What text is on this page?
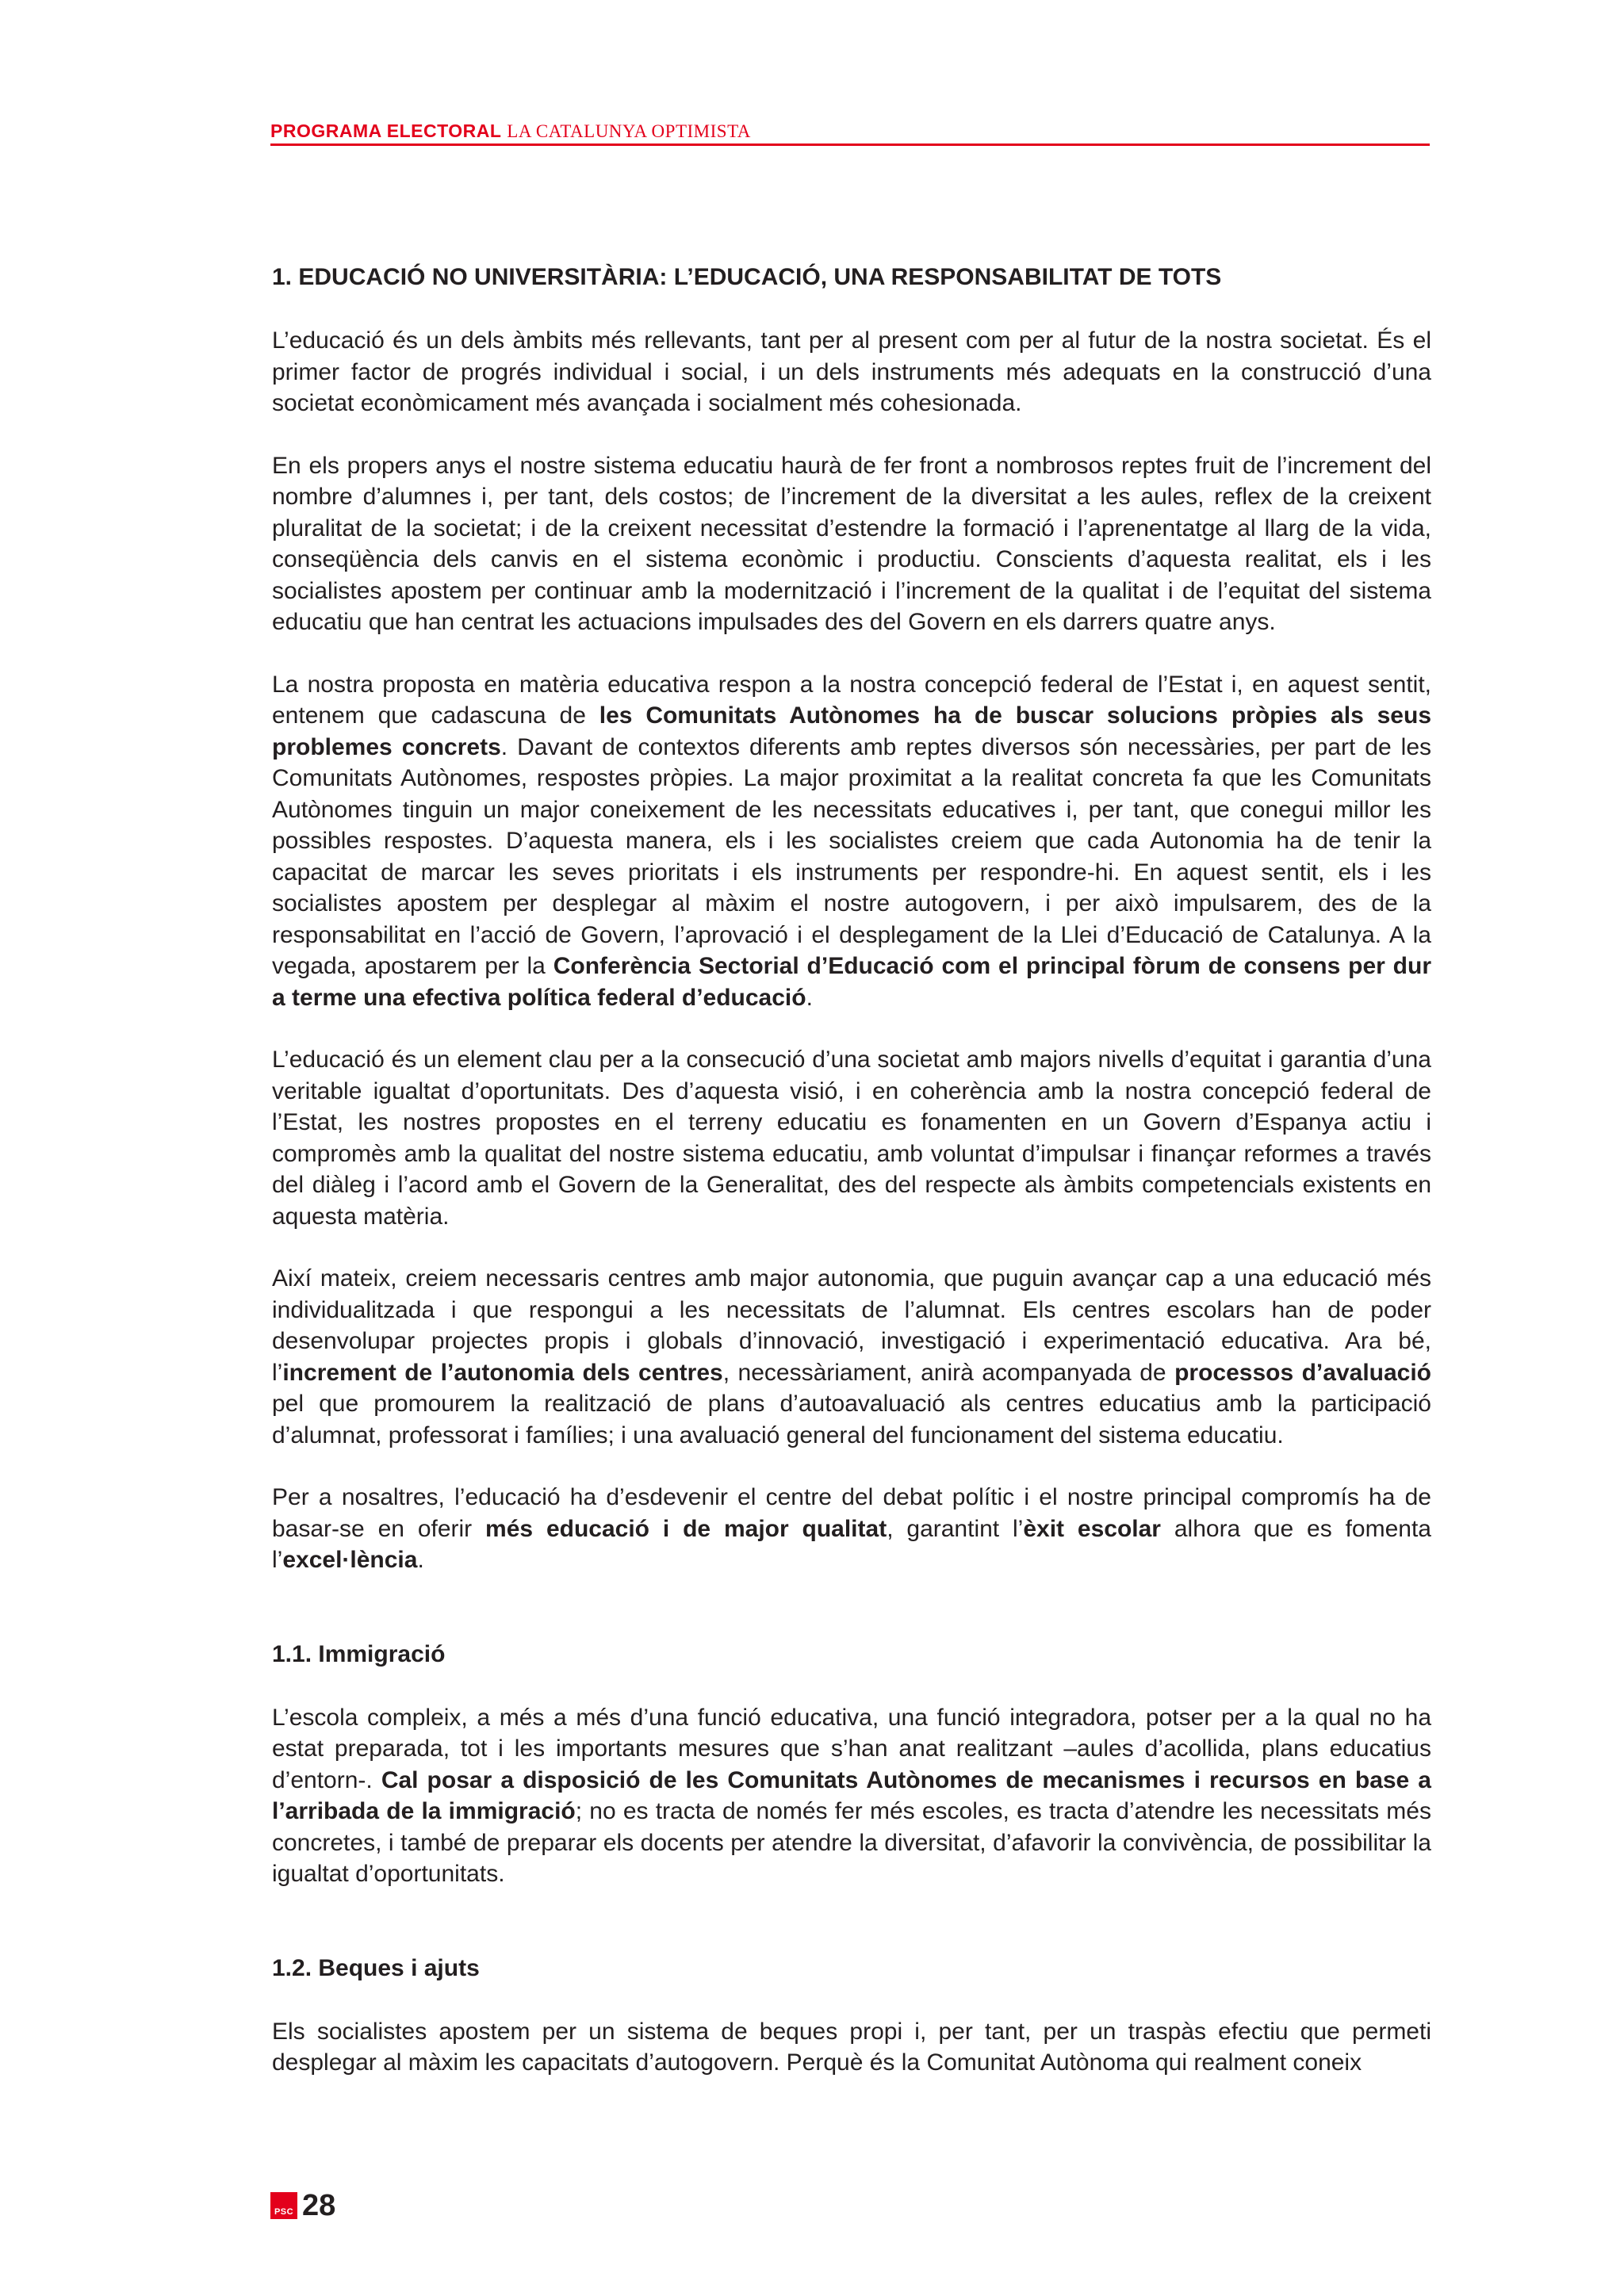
PROGRAMA ELECTORAL LA CATALUNYA OPTIMISTA
1. EDUCACIÓ NO UNIVERSITÀRIA: L’EDUCACIÓ, UNA RESPONSABILITAT DE TOTS

L’educació és un dels àmbits més rellevants, tant per al present com per al futur de la nostra societat. És el primer factor de progrés individual i social, i un dels instruments més adequats en la construcció d’una societat econòmicament més avançada i socialment més cohesionada.

En els propers anys el nostre sistema educatiu haurà de fer front a nombrosos reptes fruit de l’increment del nombre d’alumnes i, per tant, dels costos; de l’increment de la diversitat a les aules, reflex de la creixent pluralitat de la societat; i de la creixent necessitat d’estendre la formació i l’aprenentatge al llarg de la vida, conseqüència dels canvis en el sistema econòmic i productiu. Conscients d’aquesta realitat, els i les socialistes apostem per continuar amb la modernització i l’increment de la qualitat i de l’equitat del sistema educatiu que han centrat les actuacions impulsades des del Govern en els darrers quatre anys.

La nostra proposta en matèria educativa respon a la nostra concepció federal de l’Estat i, en aquest sentit, entenem que cadascuna de les Comunitats Autònomes ha de buscar solucions pròpies als seus problemes concrets. Davant de contextos diferents amb reptes diversos són necessàries, per part de les Comunitats Autònomes, respostes pròpies. La major proximitat a la realitat concreta fa que les Comunitats Autònomes tinguin un major coneixement de les necessitats educatives i, per tant, que conegui millor les possibles respostes. D’aquesta manera, els i les socialistes creiem que cada Autonomia ha de tenir la capacitat de marcar les seves prioritats i els instruments per respondre-hi. En aquest sentit, els i les socialistes apostem per desplegar al màxim el nostre autogovern, i per això impulsarem, des de la responsabilitat en l’acció de Govern, l’aprovació i el desplegament de la Llei d’Educació de Catalunya. A la vegada, apostarem per la Conferència Sectorial d’Educació com el principal fòrum de consens per dur a terme una efectiva política federal d’educació.

L’educació és un element clau per a la consecució d’una societat amb majors nivells d’equitat i garantia d’una veritable igualtat d’oportunitats. Des d’aquesta visió, i en coherència amb la nostra concepció federal de l’Estat, les nostres propostes en el terreny educatiu es fonamenten en un Govern d’Espanya actiu i compromès amb la qualitat del nostre sistema educatiu, amb voluntat d’impulsar i finançar reformes a través del diàleg i l’acord amb el Govern de la Generalitat, des del respecte als àmbits competencials existents en aquesta matèria.

Així mateix, creiem necessaris centres amb major autonomia, que puguin avançar cap a una educació més individualitzada i que respongui a les necessitats de l’alumnat. Els centres escolars han de poder desenvolupar projectes propis i globals d’innovació, investigació i experimentació educativa. Ara bé, l’increment de l’autonomia dels centres, necessàriament, anirà acompanyada de processos d’avaluació pel que promourem la realització de plans d’autoavaluació als centres educatius amb la participació d’alumnat, professorat i famílies; i una avaluació general del funcionament del sistema educatiu.

Per a nosaltres, l’educació ha d’esdevenir el centre del debat polític i el nostre principal compromís ha de basar-se en oferir més educació i de major qualitat, garantint l’èxit escolar alhora que es fomenta l’excel·lència.

1.1. Immigració

L’escola compleix, a més a més d’una funció educativa, una funció integradora, potser per a la qual no ha estat preparada, tot i les importants mesures que s’han anat realitzant –aules d’acollida, plans educatius d’entorn-. Cal posar a disposició de les Comunitats Autònomes de mecanismes i recursos en base a l’arribada de la immigració; no es tracta de només fer més escoles, es tracta d’atendre les necessitats més concretes, i també de preparar els docents per atendre la diversitat, d’afavorir la convivència, de possibilitar la igualtat d’oportunitats.

1.2. Beques i ajuts

Els socialistes apostem per un sistema de beques propi i, per tant, per un traspàs efectiu que permeti desplegar al màxim les capacitats d’autogovern. Perquè és la Comunitat Autònoma qui realment coneix

PSC 28
